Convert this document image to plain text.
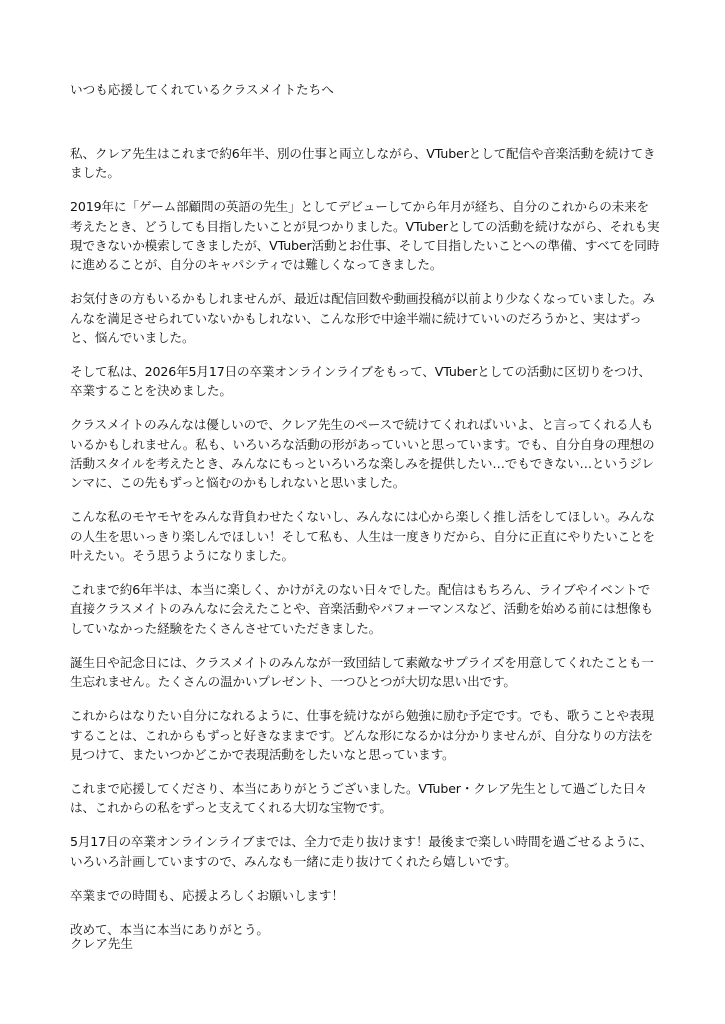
いつも応援してくれているクラスメイトたちへ

私、クレア先生はこれまで約6年半、別の仕事と両立しながら、VTuberとして配信や音楽活動を続けてきました。

2019年に「ゲーム部顧問の英語の先生」としてデビューしてから年月が経ち、自分のこれからの未来を考えたとき、どうしても目指したいことが見つかりました。VTuberとしての活動を続けながら、それも実現できないか模索してきましたが、VTuber活動とお仕事、そして目指したいことへの準備、すべてを同時に進めることが、自分のキャパシティでは難しくなってきました。

お気付きの方もいるかもしれませんが、最近は配信回数や動画投稿が以前より少なくなっていました。みんなを満足させられていないかもしれない、こんな形で中途半端に続けていいのだろうかと、実はずっと、悩んでいました。

そして私は、2026年5月17日の卒業オンラインライブをもって、VTuberとしての活動に区切りをつけ、卒業することを決めました。

クラスメイトのみんなは優しいので、クレア先生のペースで続けてくれればいいよ、と言ってくれる人もいるかもしれません。私も、いろいろな活動の形があっていいと思っています。でも、自分自身の理想の活動スタイルを考えたとき、みんなにもっといろいろな楽しみを提供したい…でもできない…というジレンマに、この先もずっと悩むのかもしれないと思いました。

こんな私のモヤモヤをみんな背負わせたくないし、みんなには心から楽しく推し活をしてほしい。みんなの人生を思いっきり楽しんでほしい！そして私も、人生は一度きりだから、自分に正直にやりたいことを叶えたい。そう思うようになりました。

これまで約6年半は、本当に楽しく、かけがえのない日々でした。配信はもちろん、ライブやイベントで直接クラスメイトのみんなに会えたことや、音楽活動やパフォーマンスなど、活動を始める前には想像もしていなかった経験をたくさんさせていただきました。

誕生日や記念日には、クラスメイトのみんなが一致団結して素敵なサプライズを用意してくれたことも一生忘れません。たくさんの温かいプレゼント、一つひとつが大切な思い出です。

これからはなりたい自分になれるように、仕事を続けながら勉強に励む予定です。でも、歌うことや表現することは、これからもずっと好きなままです。どんな形になるかは分かりませんが、自分なりの方法を見つけて、またいつかどこかで表現活動をしたいなと思っています。

これまで応援してくださり、本当にありがとうございました。VTuber・クレア先生として過ごした日々は、これからの私をずっと支えてくれる大切な宝物です。

5月17日の卒業オンラインライブまでは、全力で走り抜けます！最後まで楽しい時間を過ごせるように、いろいろ計画していますので、みんなも一緒に走り抜けてくれたら嬉しいです。

卒業までの時間も、応援よろしくお願いします！

改めて、本当に本当にありがとう。

クレア先生
